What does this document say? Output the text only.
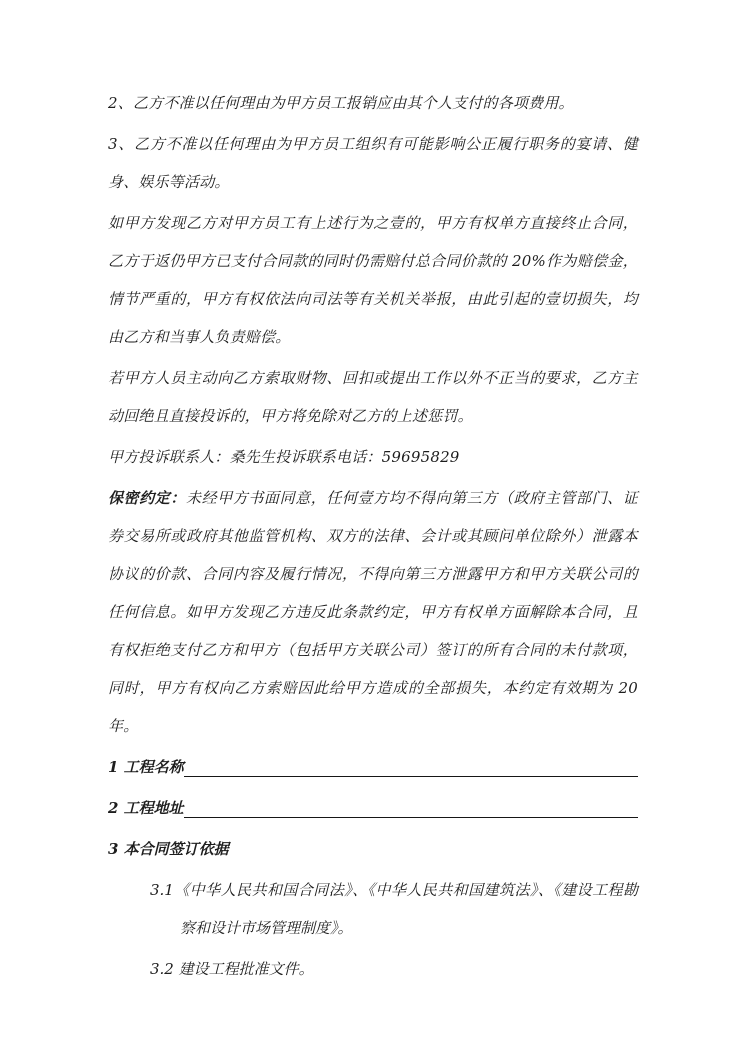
2、乙方不准以任何理由为甲方员工报销应由其个人支付的各项费用。

3、乙方不准以任何理由为甲方员工组织有可能影响公正履行职务的宴请、健身、娱乐等活动。

如甲方发现乙方对甲方员工有上述行为之壹的，甲方有权单方直接终止合同，乙方于返仍甲方已支付合同款的同时仍需赔付总合同价款的 20%作为赔偿金，情节严重的，甲方有权依法向司法等有关机关举报，由此引起的壹切损失，均由乙方和当事人负责赔偿。

若甲方人员主动向乙方索取财物、回扣或提出工作以外不正当的要求，乙方主动回绝且直接投诉的，甲方将免除对乙方的上述惩罚。

甲方投诉联系人：桑先生投诉联系电话：59695829

保密约定：未经甲方书面同意，任何壹方均不得向第三方（政府主管部门、证券交易所或政府其他监管机构、双方的法律、会计或其顾问单位除外）泄露本协议的价款、合同内容及履行情况，不得向第三方泄露甲方和甲方关联公司的任何信息。如甲方发现乙方违反此条款约定，甲方有权单方面解除本合同，且有权拒绝支付乙方和甲方（包括甲方关联公司）签订的所有合同的未付款项，同时，甲方有权向乙方索赔因此给甲方造成的全部损失，本约定有效期为 20 年。

1 工程名称
2 工程地址

3 本合同签订依据

3.1《中华人民共和国合同法》、《中华人民共和国建筑法》、《建设工程勘察和设计市场管理制度》。

3.2 建设工程批准文件。
